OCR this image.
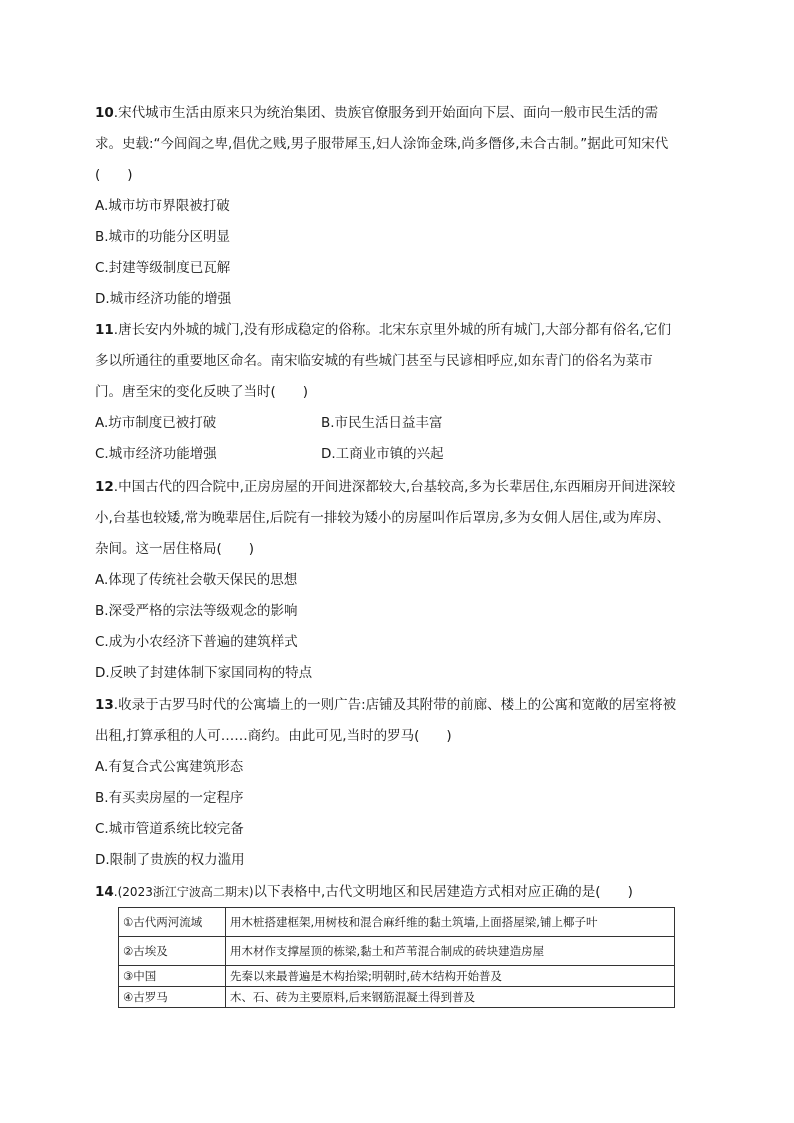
10.宋代城市生活由原来只为统治集团、贵族官僚服务到开始面向下层、面向一般市民生活的需
求。史载:“今闾阎之卑,倡优之贱,男子服带犀玉,妇人涂饰金珠,尚多僭侈,未合古制。”据此可知宋代
(　　)
A.城市坊市界限被打破
B.城市的功能分区明显
C.封建等级制度已瓦解
D.城市经济功能的增强
11.唐长安内外城的城门,没有形成稳定的俗称。北宋东京里外城的所有城门,大部分都有俗名,它们
多以所通往的重要地区命名。南宋临安城的有些城门甚至与民谚相呼应,如东青门的俗名为菜市
门。唐至宋的变化反映了当时(　　)
A.坊市制度已被打破	B.市民生活日益丰富
C.城市经济功能增强	D.工商业市镇的兴起
12.中国古代的四合院中,正房房屋的开间进深都较大,台基较高,多为长辈居住,东西厢房开间进深较
小,台基也较矮,常为晚辈居住,后院有一排较为矮小的房屋叫作后罩房,多为女佣人居住,或为库房、
杂间。这一居住格局(　　)
A.体现了传统社会敬天保民的思想
B.深受严格的宗法等级观念的影响
C.成为小农经济下普遍的建筑样式
D.反映了封建体制下家国同构的特点
13.收录于古罗马时代的公寓墙上的一则广告:店铺及其附带的前廊、楼上的公寓和宽敞的居室将被
出租,打算承租的人可……商约。由此可见,当时的罗马(　　)
A.有复合式公寓建筑形态
B.有买卖房屋的一定程序
C.城市管道系统比较完备
D.限制了贵族的权力滥用
14.(2023浙江宁波高二期末)以下表格中,古代文明地区和民居建造方式相对应正确的是(　　)
①古代两河流域	用木桩搭建框架,用树枝和混合麻纤维的黏土筑墙,上面搭屋梁,铺上椰子叶
②古埃及	用木材作支撑屋顶的栋梁,黏土和芦苇混合制成的砖块建造房屋
③中国	先秦以来最普遍是木构抬梁;明朝时,砖木结构开始普及
④古罗马	木、石、砖为主要原料,后来钢筋混凝土得到普及
